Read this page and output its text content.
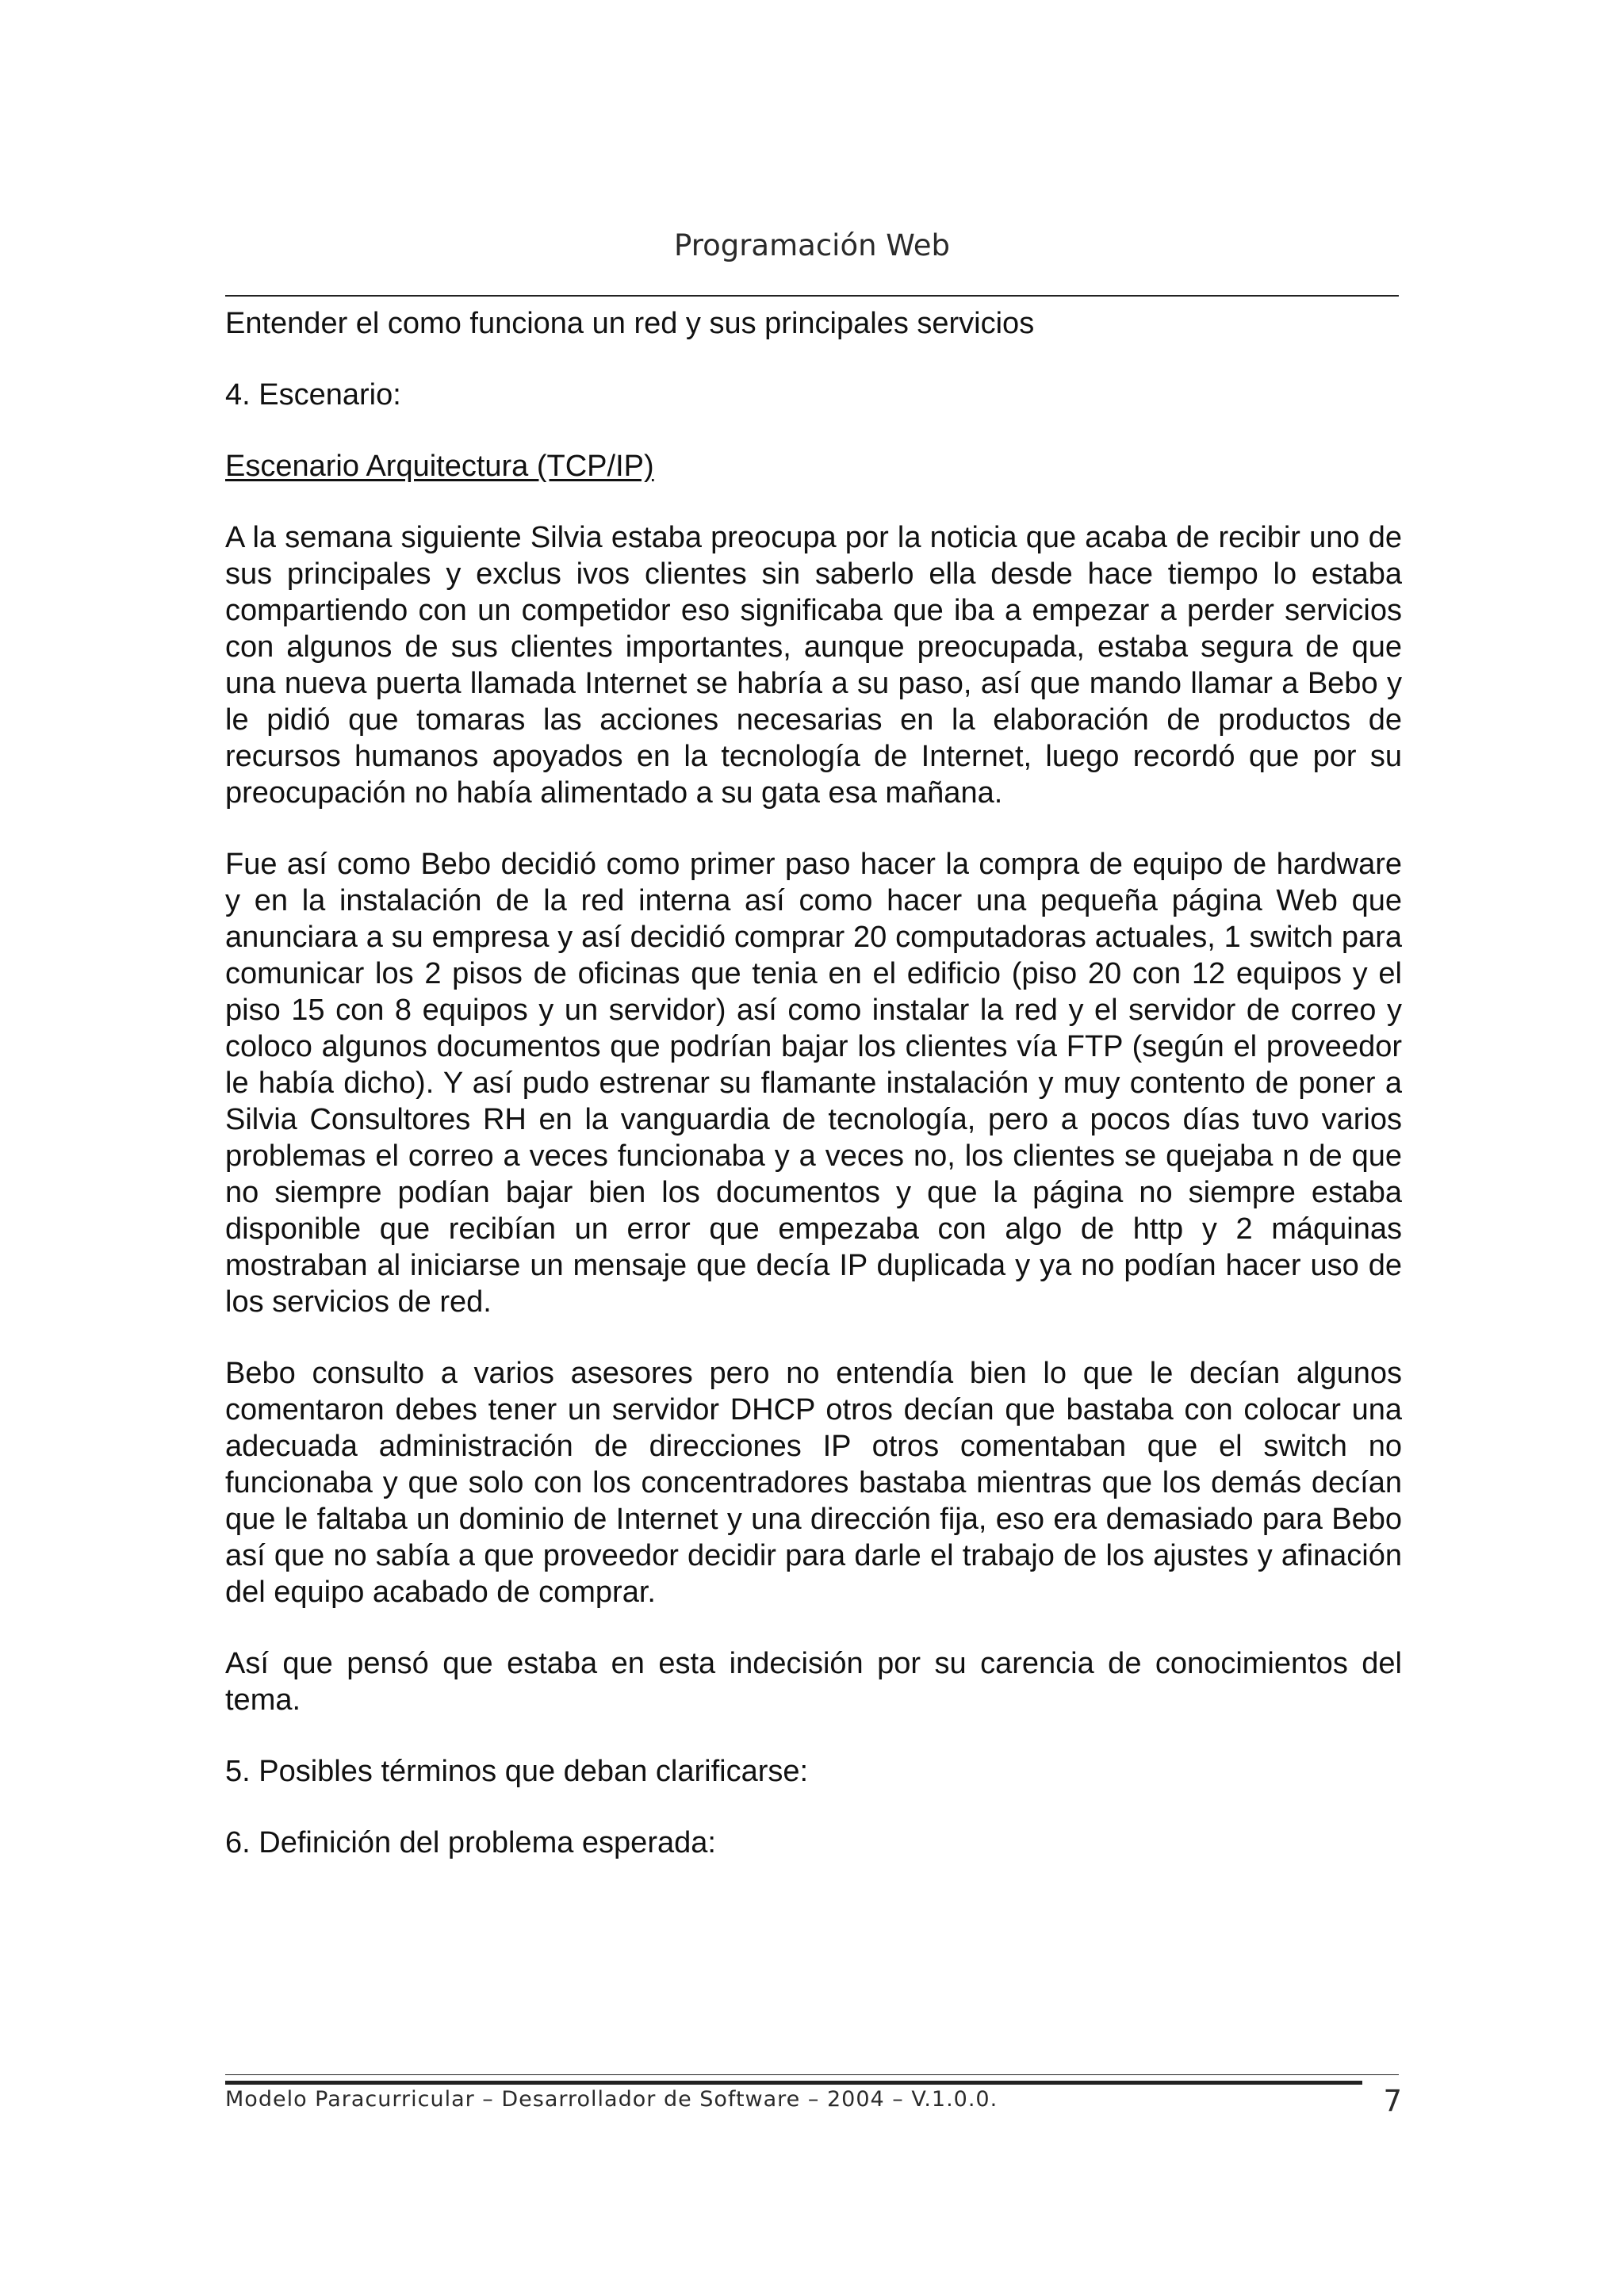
Programación Web

Entender el como funciona un red y sus principales servicios

4. Escenario:

Escenario Arquitectura (TCP/IP)

A la semana siguiente Silvia estaba preocupa por la noticia que acaba de recibir uno de sus principales y exclus ivos clientes sin saberlo ella desde hace tiempo lo estaba compartiendo con un competidor eso significaba que iba a empezar a perder servicios con algunos de sus clientes importantes, aunque preocupada, estaba segura de que una nueva puerta llamada Internet se habría a su paso, así que mando llamar a Bebo y le pidió que tomaras las acciones necesarias en la elaboración de productos de recursos humanos apoyados en la tecnología de Internet, luego recordó que por su preocupación no había alimentado a su gata esa mañana.

Fue así como Bebo decidió como primer paso hacer la compra de equipo de hardware y en la instalación de la red interna así como hacer una pequeña página Web que anunciara a su empresa y así decidió comprar 20 computadoras actuales, 1 switch para comunicar los 2 pisos de oficinas que tenia en el edificio (piso 20 con 12 equipos y el piso 15 con 8 equipos y un servidor) así como instalar la red y el servidor de correo y coloco algunos documentos que podrían bajar los clientes vía FTP (según el proveedor le había dicho). Y así pudo estrenar su flamante instalación y muy contento de poner a Silvia Consultores RH en la vanguardia de tecnología, pero a pocos días tuvo varios problemas el correo a veces funcionaba y a veces no, los clientes se quejaba n de que no siempre podían bajar bien los documentos y que la página no siempre estaba disponible que recibían un error que empezaba con algo de http y 2 máquinas mostraban al iniciarse un mensaje que decía IP duplicada y ya no podían hacer uso de los servicios de red.

Bebo consulto a varios asesores pero no entendía bien lo que le decían algunos comentaron debes tener un servidor DHCP otros decían que bastaba con colocar una adecuada administración de direcciones IP otros comentaban que el switch no funcionaba y que solo con los concentradores bastaba mientras que los demás decían que le faltaba un dominio de Internet y una dirección fija, eso era demasiado para Bebo así que no sabía a que proveedor decidir para darle el trabajo de los ajustes y afinación del equipo acabado de comprar.

Así que pensó que estaba en esta indecisión por su carencia de conocimientos del tema.

5. Posibles términos que deban clarificarse:

6. Definición del problema esperada:

Modelo Paracurricular – Desarrollador de Software – 2004 – V.1.0.0.	7
